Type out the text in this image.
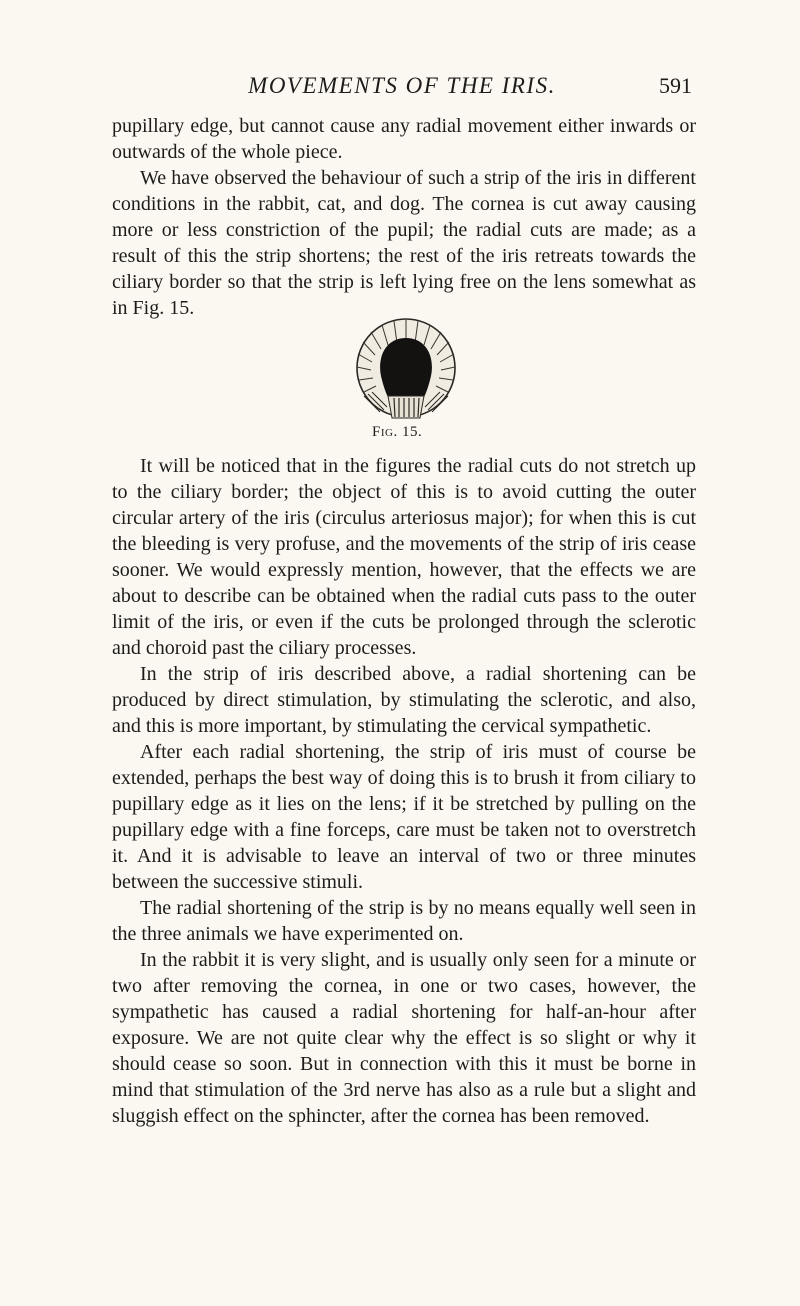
MOVEMENTS OF THE IRIS.	591

pupillary edge, but cannot cause any radial movement either inwards or outwards of the whole piece.

We have observed the behaviour of such a strip of the iris in different conditions in the rabbit, cat, and dog. The cornea is cut away causing more or less constriction of the pupil; the radial cuts are made; as a result of this the strip shortens; the rest of the iris retreats towards the ciliary border so that the strip is left lying free on the lens somewhat as in Fig. 15.

Fig. 15.

It will be noticed that in the figures the radial cuts do not stretch up to the ciliary border; the object of this is to avoid cutting the outer circular artery of the iris (circulus arteriosus major); for when this is cut the bleeding is very profuse, and the movements of the strip of iris cease sooner. We would expressly mention, however, that the effects we are about to describe can be obtained when the radial cuts pass to the outer limit of the iris, or even if the cuts be prolonged through the sclerotic and choroid past the ciliary processes.

In the strip of iris described above, a radial shortening can be produced by direct stimulation, by stimulating the sclerotic, and also, and this is more important, by stimulating the cervical sympathetic.

After each radial shortening, the strip of iris must of course be extended, perhaps the best way of doing this is to brush it from ciliary to pupillary edge as it lies on the lens; if it be stretched by pulling on the pupillary edge with a fine forceps, care must be taken not to overstretch it. And it is advisable to leave an interval of two or three minutes between the successive stimuli.

The radial shortening of the strip is by no means equally well seen in the three animals we have experimented on.

In the rabbit it is very slight, and is usually only seen for a minute or two after removing the cornea, in one or two cases, however, the sympathetic has caused a radial shortening for half-an-hour after exposure. We are not quite clear why the effect is so slight or why it should cease so soon. But in connection with this it must be borne in mind that stimulation of the 3rd nerve has also as a rule but a slight and sluggish effect on the sphincter, after the cornea has been removed.
